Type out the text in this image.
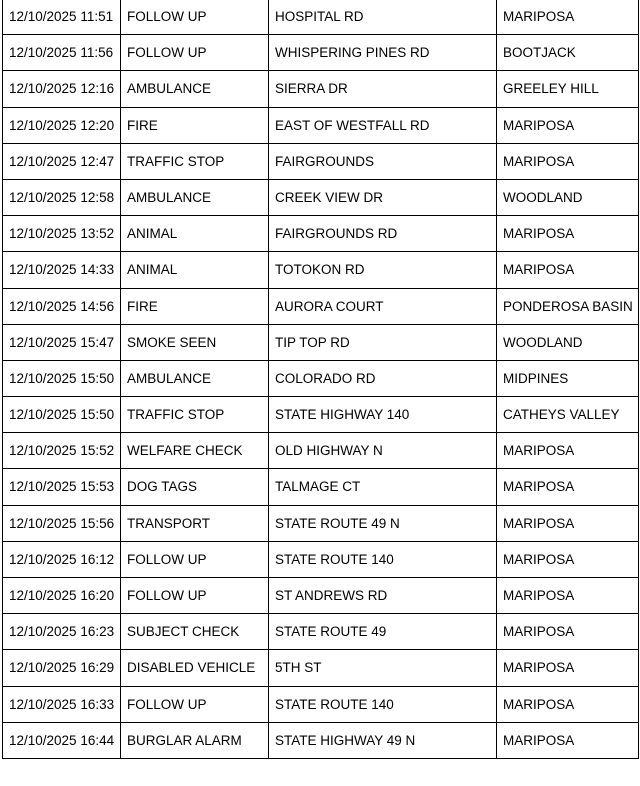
12/10/2025 11:51	FOLLOW UP	HOSPITAL RD	MARIPOSA
12/10/2025 11:56	FOLLOW UP	WHISPERING PINES RD	BOOTJACK
12/10/2025 12:16	AMBULANCE	SIERRA DR	GREELEY HILL
12/10/2025 12:20	FIRE	EAST OF WESTFALL RD	MARIPOSA
12/10/2025 12:47	TRAFFIC STOP	FAIRGROUNDS	MARIPOSA
12/10/2025 12:58	AMBULANCE	CREEK VIEW DR	WOODLAND
12/10/2025 13:52	ANIMAL	FAIRGROUNDS RD	MARIPOSA
12/10/2025 14:33	ANIMAL	TOTOKON RD	MARIPOSA
12/10/2025 14:56	FIRE	AURORA COURT	PONDEROSA BASIN
12/10/2025 15:47	SMOKE SEEN	TIP TOP RD	WOODLAND
12/10/2025 15:50	AMBULANCE	COLORADO RD	MIDPINES
12/10/2025 15:50	TRAFFIC STOP	STATE HIGHWAY 140	CATHEYS VALLEY
12/10/2025 15:52	WELFARE CHECK	OLD HIGHWAY N	MARIPOSA
12/10/2025 15:53	DOG TAGS	TALMAGE CT	MARIPOSA
12/10/2025 15:56	TRANSPORT	STATE ROUTE 49 N	MARIPOSA
12/10/2025 16:12	FOLLOW UP	STATE ROUTE 140	MARIPOSA
12/10/2025 16:20	FOLLOW UP	ST ANDREWS RD	MARIPOSA
12/10/2025 16:23	SUBJECT CHECK	STATE ROUTE 49	MARIPOSA
12/10/2025 16:29	DISABLED VEHICLE	5TH ST	MARIPOSA
12/10/2025 16:33	FOLLOW UP	STATE ROUTE 140	MARIPOSA
12/10/2025 16:44	BURGLAR ALARM	STATE HIGHWAY 49 N	MARIPOSA
